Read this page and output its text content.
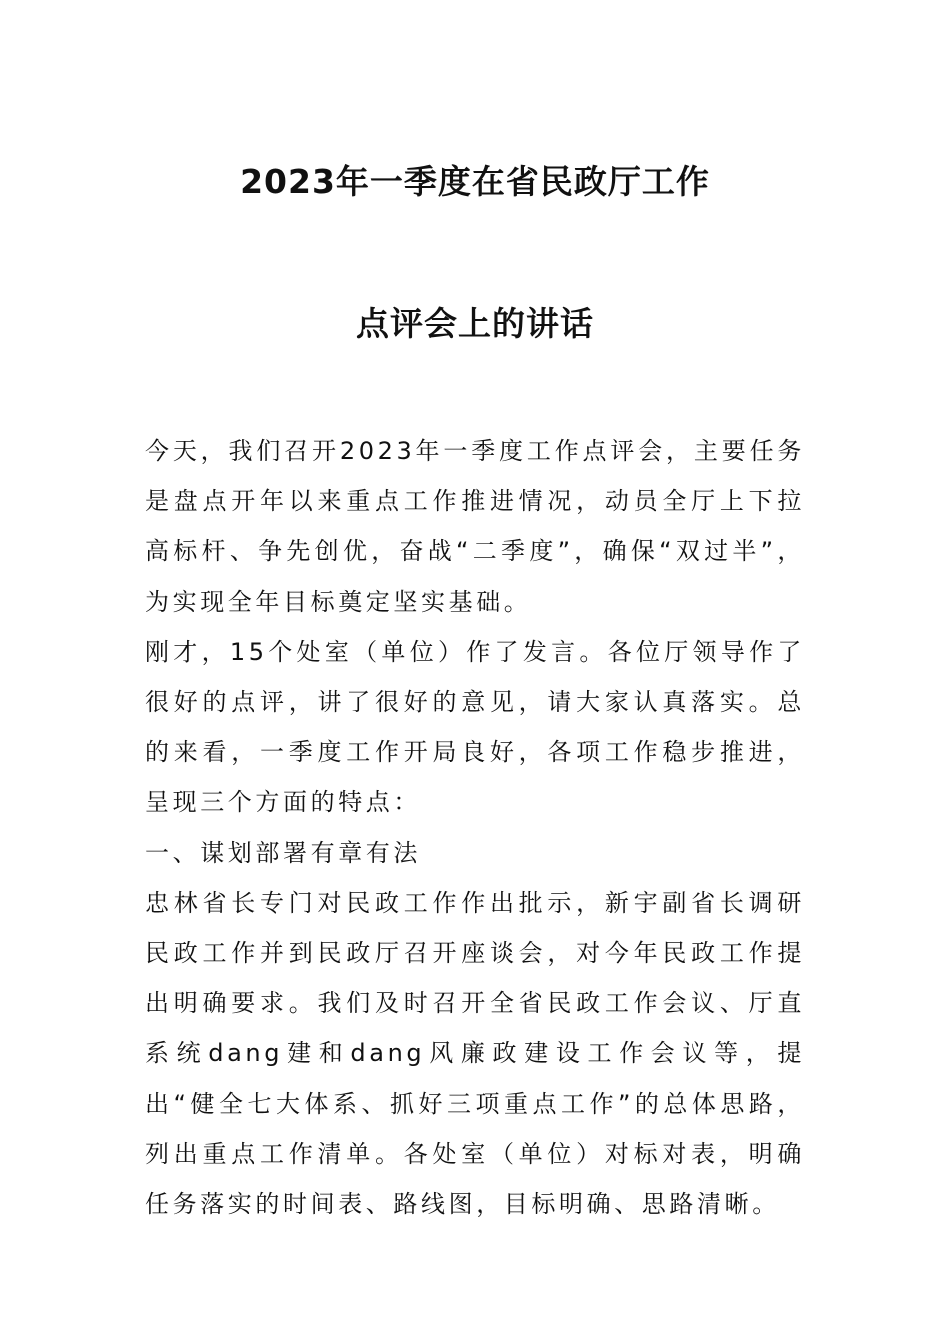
2023年一季度在省民政厅工作
点评会上的讲话

今天，我们召开2023年一季度工作点评会，主要任务是盘点开年以来重点工作推进情况，动员全厅上下拉高标杆、争先创优，奋战“二季度”，确保“双过半”，为实现全年目标奠定坚实基础。

刚才，15个处室（单位）作了发言。各位厅领导作了很好的点评，讲了很好的意见，请大家认真落实。总的来看，一季度工作开局良好，各项工作稳步推进，呈现三个方面的特点：

一、谋划部署有章有法

忠林省长专门对民政工作作出批示，新宇副省长调研民政工作并到民政厅召开座谈会，对今年民政工作提出明确要求。我们及时召开全省民政工作会议、厅直系统dang建和dang风廉政建设工作会议等，提出“健全七大体系、抓好三项重点工作”的总体思路，列出重点工作清单。各处室（单位）对标对表，明确任务落实的时间表、路线图，目标明确、思路清晰。
